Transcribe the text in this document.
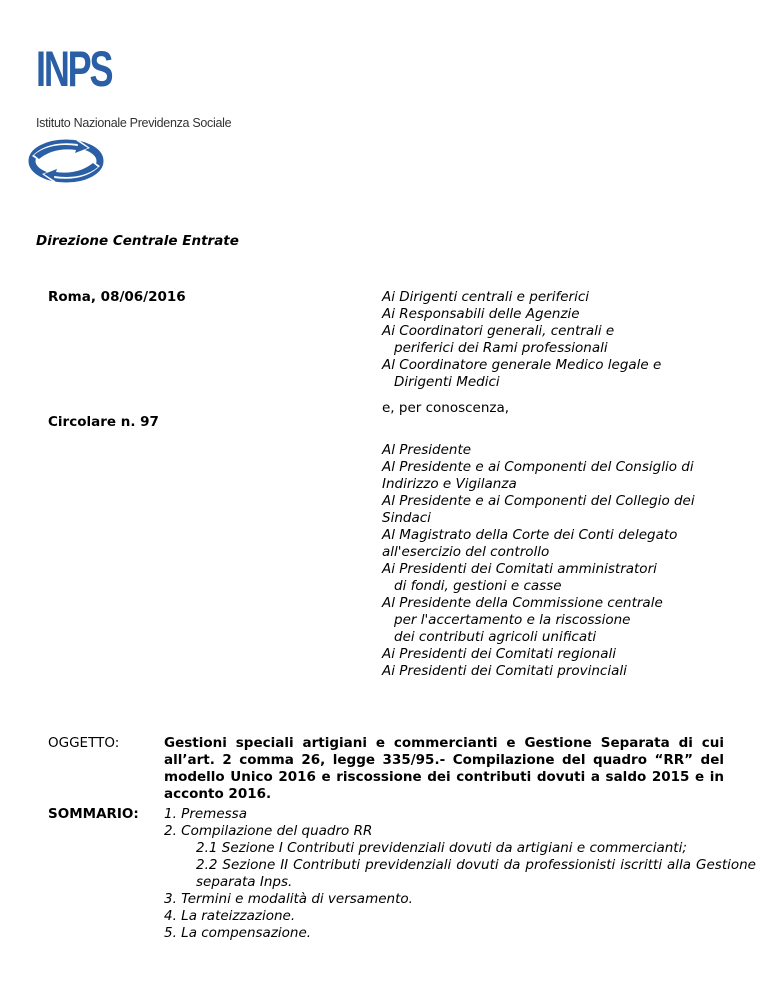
INPS
Istituto Nazionale Previdenza Sociale
Direzione Centrale Entrate
Roma, 08/06/2016
Circolare n. 97
Ai Dirigenti centrali e periferici
Ai Responsabili delle Agenzie
Ai Coordinatori generali, centrali e
periferici dei Rami professionali
Al Coordinatore generale Medico legale e
Dirigenti Medici
e, per conoscenza,
Al Presidente
Al Presidente e ai Componenti del Consiglio di
Indirizzo e Vigilanza
Al Presidente e ai Componenti del Collegio dei
Sindaci
Al Magistrato della Corte dei Conti delegato
all'esercizio del controllo
Ai Presidenti dei Comitati amministratori
di fondi, gestioni e casse
Al Presidente della Commissione centrale
per l'accertamento e la riscossione
dei contributi agricoli unificati
Ai Presidenti dei Comitati regionali
Ai Presidenti dei Comitati provinciali
OGGETTO:	Gestioni speciali artigiani e commercianti e Gestione Separata di cui all’art. 2 comma 26, legge 335/95.- Compilazione del quadro “RR” del modello Unico 2016 e riscossione dei contributi dovuti a saldo 2015 e in acconto 2016.
SOMMARIO: 1. Premessa
2. Compilazione del quadro RR
2.1 Sezione I Contributi previdenziali dovuti da artigiani e commercianti;
2.2 Sezione II Contributi previdenziali dovuti da professionisti iscritti alla Gestione separata Inps.
3. Termini e modalità di versamento.
4. La rateizzazione.
5. La compensazione.
